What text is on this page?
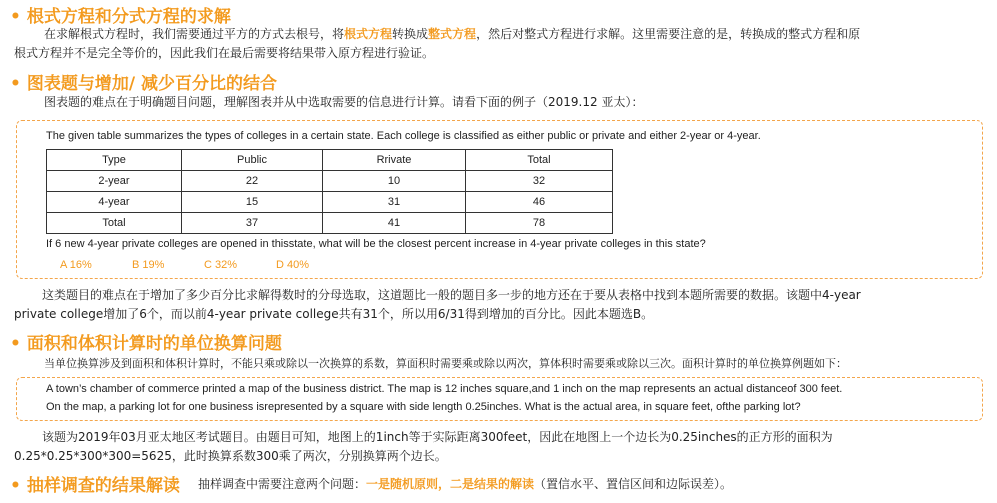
• 根式方程和分式方程的求解
在求解根式方程时，我们需要通过平方的方式去根号，将根式方程转换成整式方程，然后对整式方程进行求解。这里需要注意的是，转换成的整式方程和原
根式方程并不是完全等价的，因此我们在最后需要将结果带入原方程进行验证。
• 图表题与增加/ 减少百分比的结合
图表题的难点在于明确题目问题，理解图表并从中选取需要的信息进行计算。请看下面的例子（2019.12 亚太）：
The given table summarizes the types of colleges in a certain state. Each college is classified as either public or private and either 2-year or 4-year.
Type	Public	Rrivate	Total
2-year	22	10	32
4-year	15	31	46
Total	37	41	78
If 6 new 4-year private colleges are opened in thisstate, what will be the closest percent increase in 4-year private colleges in this state?
A 16%	B 19%	C 32%	D 40%
这类题目的难点在于增加了多少百分比求解得数时的分母选取，这道题比一般的题目多一步的地方还在于要从表格中找到本题所需要的数据。该题中4-year
private college增加了6个，而以前4-year private college共有31个，所以用6/31得到增加的百分比。因此本题选B。
• 面积和体积计算时的单位换算问题
当单位换算涉及到面积和体积计算时，不能只乘或除以一次换算的系数，算面积时需要乘或除以两次，算体积时需要乘或除以三次。面积计算时的单位换算例题如下：
A town’s chamber of commerce printed a map of the business district. The map is 12 inches square,and 1 inch on the map represents an actual distanceof 300 feet.
On the map, a parking lot for one business isrepresented by a square with side length 0.25inches. What is the actual area, in square feet, ofthe parking lot?
该题为2019年03月亚太地区考试题目。由题目可知，地图上的1inch等于实际距离300feet，因此在地图上一个边长为0.25inches的正方形的面积为
0.25*0.25*300*300=5625，此时换算系数300乘了两次，分别换算两个边长。
• 抽样调查的结果解读 抽样调查中需要注意两个问题：一是随机原则，二是结果的解读（置信水平、置信区间和边际误差）。
